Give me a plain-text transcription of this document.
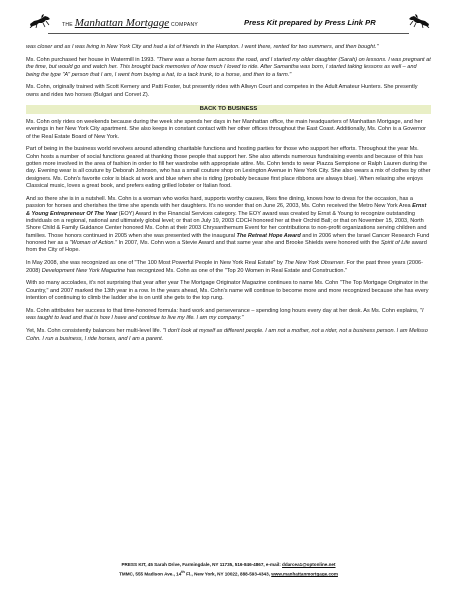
THE Manhattan Mortgage COMPANY	Press Kit prepared by Press Link PR

was closer and as I was living in New York City and had a lot of friends in the Hampton. I went there, rented for two summers, and then bought."

Ms. Cohn purchased her house in Watermill in 1993. "There was a horse farm across the road, and I started my older daughter (Sarah) on lessons. I was pregnant at the time, but would go and watch her. This brought back memories of how much I loved to ride. After Samantha was born, I started taking lessons as well – and being the type "A" person that I am, I went from buying a hat, to a tack trunk, to a horse, and then to a farm."

Ms. Cohn, originally trained with Scott Kemery and Patti Foster, but presently rides with Allwyn Court and competes in the Adult Amateur Hunters. She presently owns and rides two horses (Bulgari and Corvet Z).

BACK TO BUSINESS

Ms. Cohn only rides on weekends because during the week she spends her days in her Manhattan office, the main headquarters of Manhattan Mortgage, and her evenings in her New York City apartment. She also keeps in constant contact with her other offices throughout the East Coast. Additionally, Ms. Cohn is a Governor of the Real Estate Board of New York.

Part of being in the business world revolves around attending charitable functions and hosting parties for those who support her efforts. Throughout the year Ms. Cohn hosts a number of social functions geared at thanking those people that support her. She also attends numerous fundraising events and because of this has gotten more involved in the area of fashion in order to fill her wardrobe with appropriate attire. Ms. Cohn tends to wear Piazza Sempione or Ralph Lauren during the day. Evening wear is all couture by Deborah Johnson, who has a small couture shop on Lexington Avenue in New York City. She also wears a mix of clothes by other designers. Ms. Cohn's favorite color is black at work and blue when she is riding (probably because first place ribbons are always blue). When relaxing she enjoys Classical music, loves a great book, and prefers eating grilled lobster or Italian food.

And so there she is in a nutshell. Ms. Cohn is a woman who works hard, supports worthy causes, likes fine dining, knows how to dress for the occasion, has a passion for horses and cherishes the time she spends with her daughters. It's no wonder that on June 26, 2003, Ms. Cohn received the Metro New York Area Ernst & Young Entrepreneur Of The Year (EOY) Award in the Financial Services category. The EOY award was created by Ernst & Young to recognize outstanding individuals on a regional, national and ultimately global level; or that on July 19, 2003 CDCH honored her at their Orchid Ball; or that on November 15, 2003, North Shore Child & Family Guidance Center honored Ms. Cohn at their 2003 Chrysanthemum Event for her contributions to non-profit organizations serving children and families. Those honors continued in 2005 when she was presented with the inaugural The Retreat Hope Award and in 2006 when the Israel Cancer Research Fund honored her as a "Woman of Action." In 2007, Ms. Cohn won a Stevie Award and that same year she and Brooke Shields were honored with the Spirit of Life award from the City of Hope.

In May 2008, she was recognized as one of "The 100 Most Powerful People in New York Real Estate" by The New York Observer. For the past three years (2006-2008) Development New York Magazine has recognized Ms. Cohn as one of the "Top 20 Women in Real Estate and Construction."

With so many accolades, it's not surprising that year after year The Mortgage Originator Magazine continues to name Ms. Cohn "The Top Mortgage Originator in the Country," and 2007 marked the 13th year in a row. In the years ahead, Ms. Cohn's name will continue to become more and more recognized because she has every intention of continuing to climb the ladder she is on until she gets to the top rung.

Ms. Cohn attributes her success to that time-honored formula: hard work and perseverance – spending long hours every day at her desk. As Ms. Cohn explains, "I was taught to lead and that is how I have and continue to live my life. I am my company."

Yet, Ms. Cohn consistently balances her multi-level life. "I don't look at myself as different people. I am not a mother, not a rider, not a business person. I am Melisso Cohn. I run a business, I ride horses, and I am a parent.

PRESS KIT, 45 Sarah Drive, Farmingdale, NY 11735, 516-846-4867, e-mail: ddarcea1@optonline.net
TMMC, 555 Madison Ave., 14th Fl., New York, NY 10022, 888-593-4343, www.manhattanmortgage.com
